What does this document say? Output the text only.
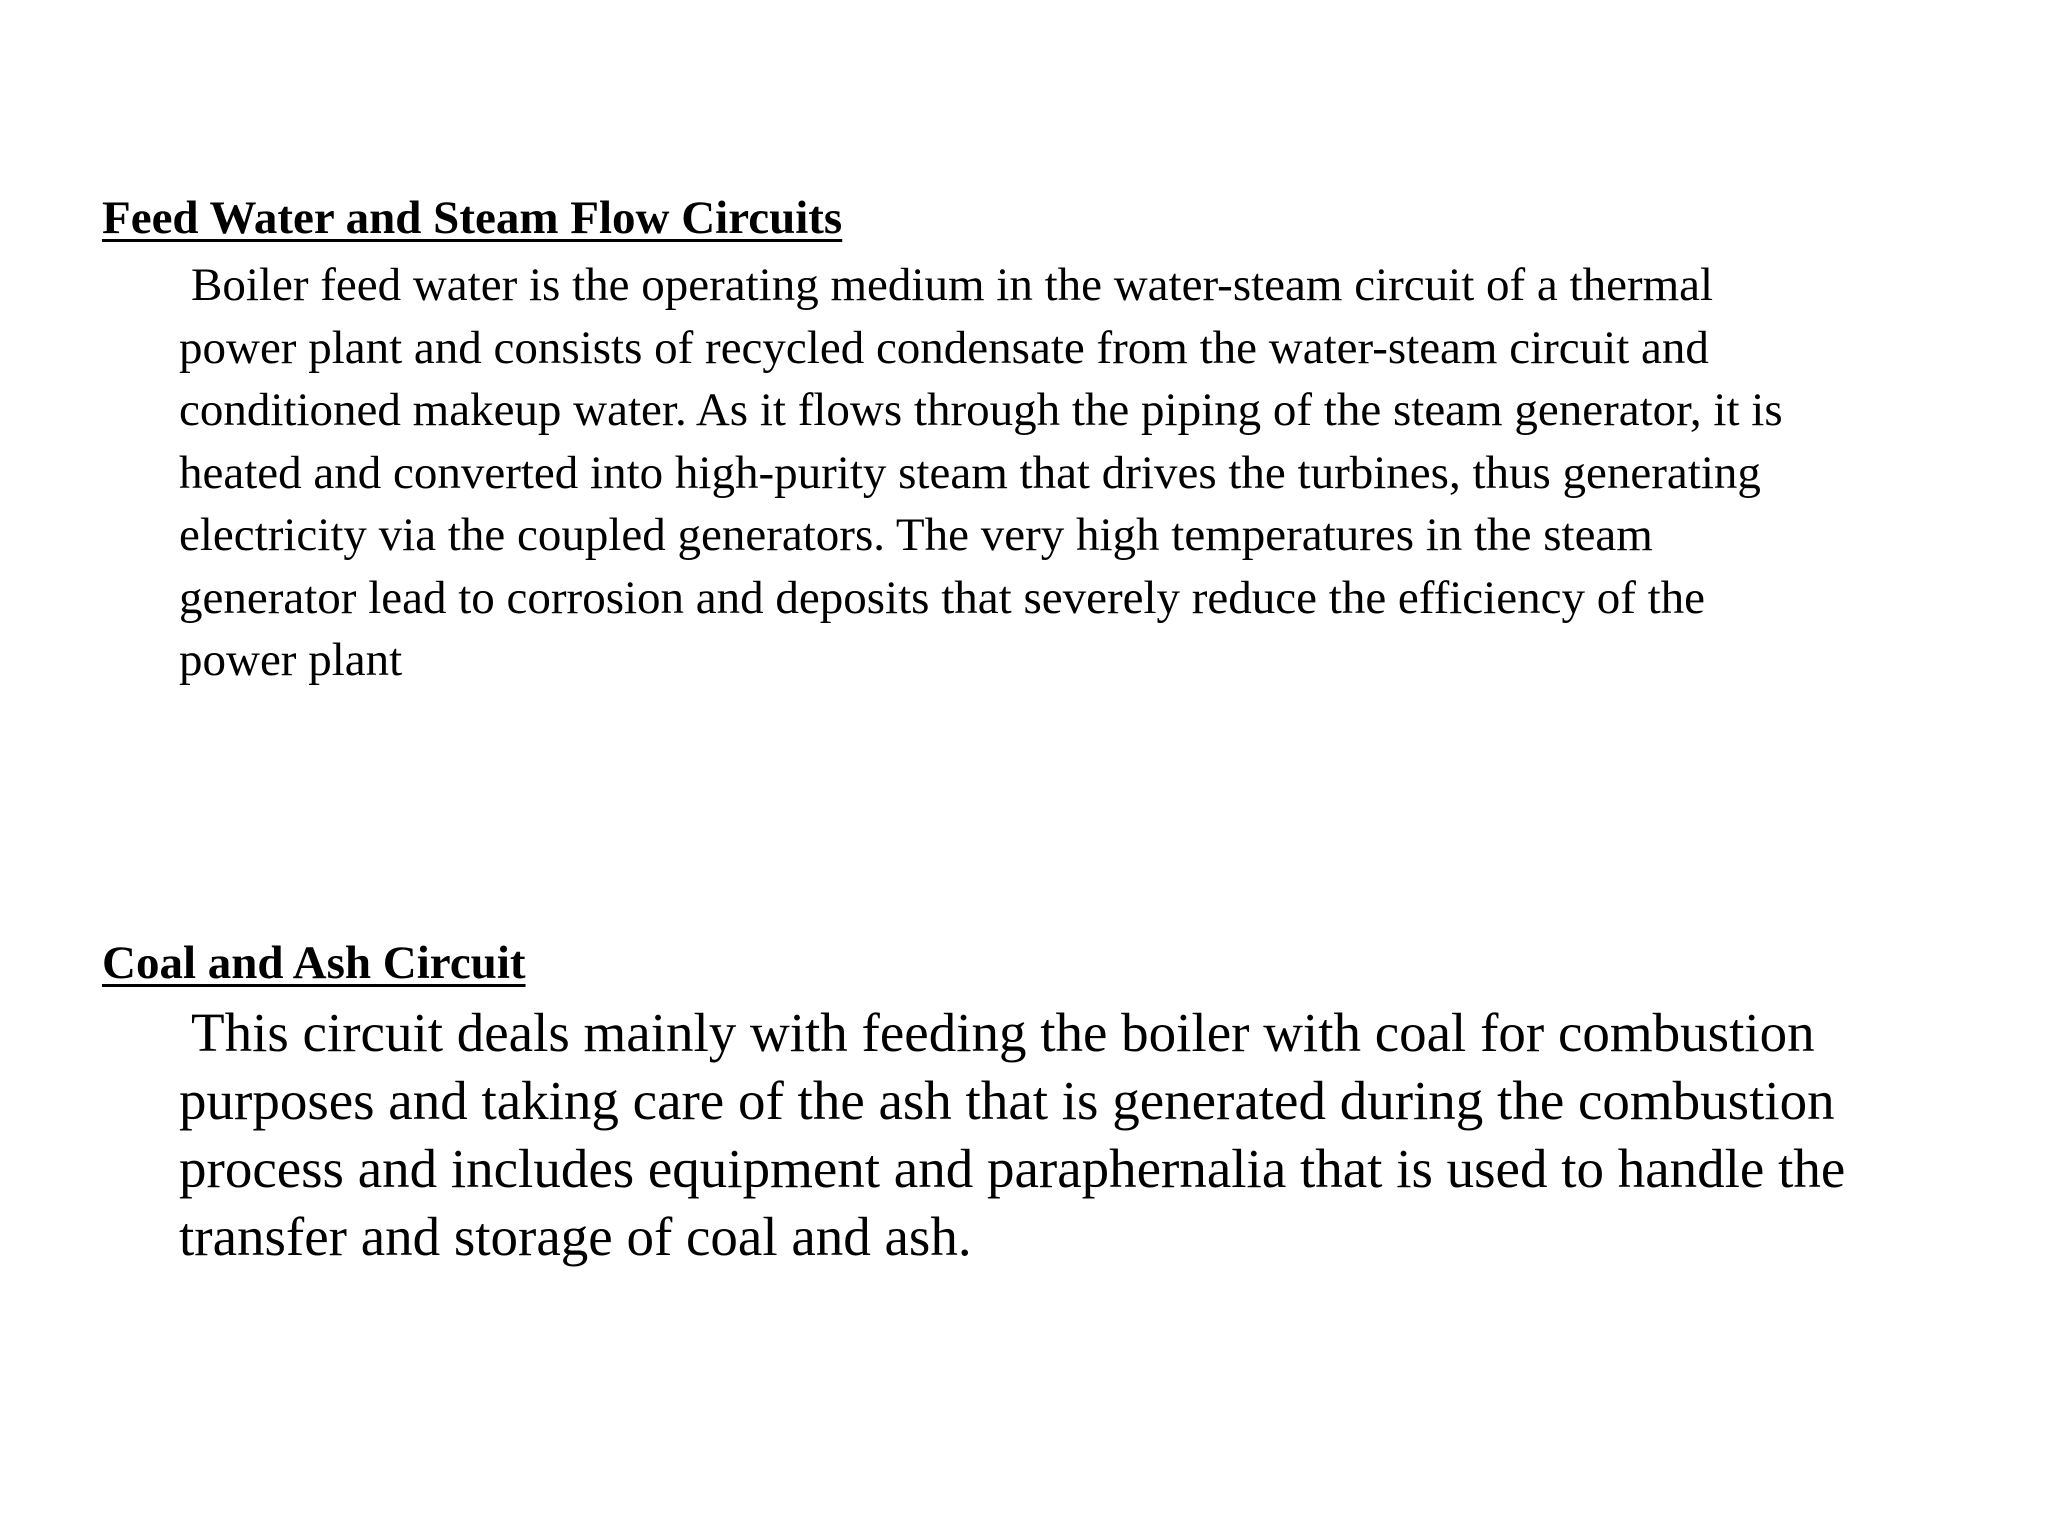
Feed Water and Steam Flow Circuits

Boiler feed water is the operating medium in the water-steam circuit of a thermal
power plant and consists of recycled condensate from the water-steam circuit and
conditioned makeup water. As it flows through the piping of the steam generator, it is
heated and converted into high-purity steam that drives the turbines, thus generating
electricity via the coupled generators. The very high temperatures in the steam
generator lead to corrosion and deposits that severely reduce the efficiency of the
power plant

Coal and Ash Circuit

This circuit deals mainly with feeding the boiler with coal for combustion
purposes and taking care of the ash that is generated during the combustion
process and includes equipment and paraphernalia that is used to handle the
transfer and storage of coal and ash.
